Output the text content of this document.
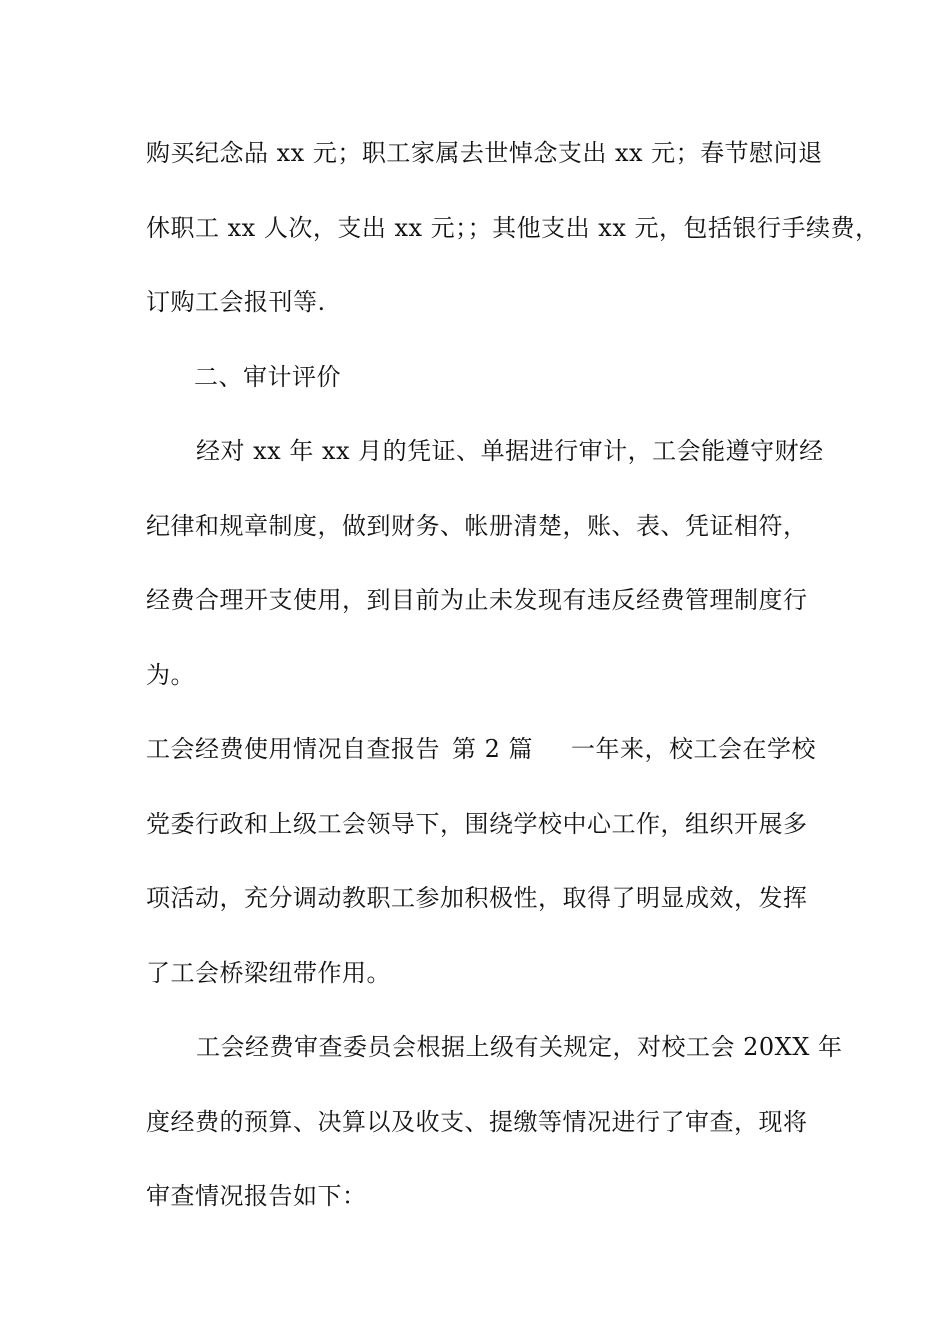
购买纪念品 xx 元；职工家属去世悼念支出 xx 元；春节慰问退
休职工 xx 人次，支出 xx 元；；其他支出 xx 元，包括银行手续费，
订购工会报刊等.
二、审计评价
经对 xx 年 xx 月的凭证、单据进行审计，工会能遵守财经
纪律和规章制度，做到财务、帐册清楚，账、表、凭证相符，
经费合理开支使用，到目前为止未发现有违反经费管理制度行
为。
工会经费使用情况自查报告 第 2 篇 一年来，校工会在学校
党委行政和上级工会领导下，围绕学校中心工作，组织开展多
项活动，充分调动教职工参加积极性，取得了明显成效，发挥
了工会桥梁纽带作用。
工会经费审查委员会根据上级有关规定，对校工会 20XX 年
度经费的预算、决算以及收支、提缴等情况进行了审查，现将
审查情况报告如下：
